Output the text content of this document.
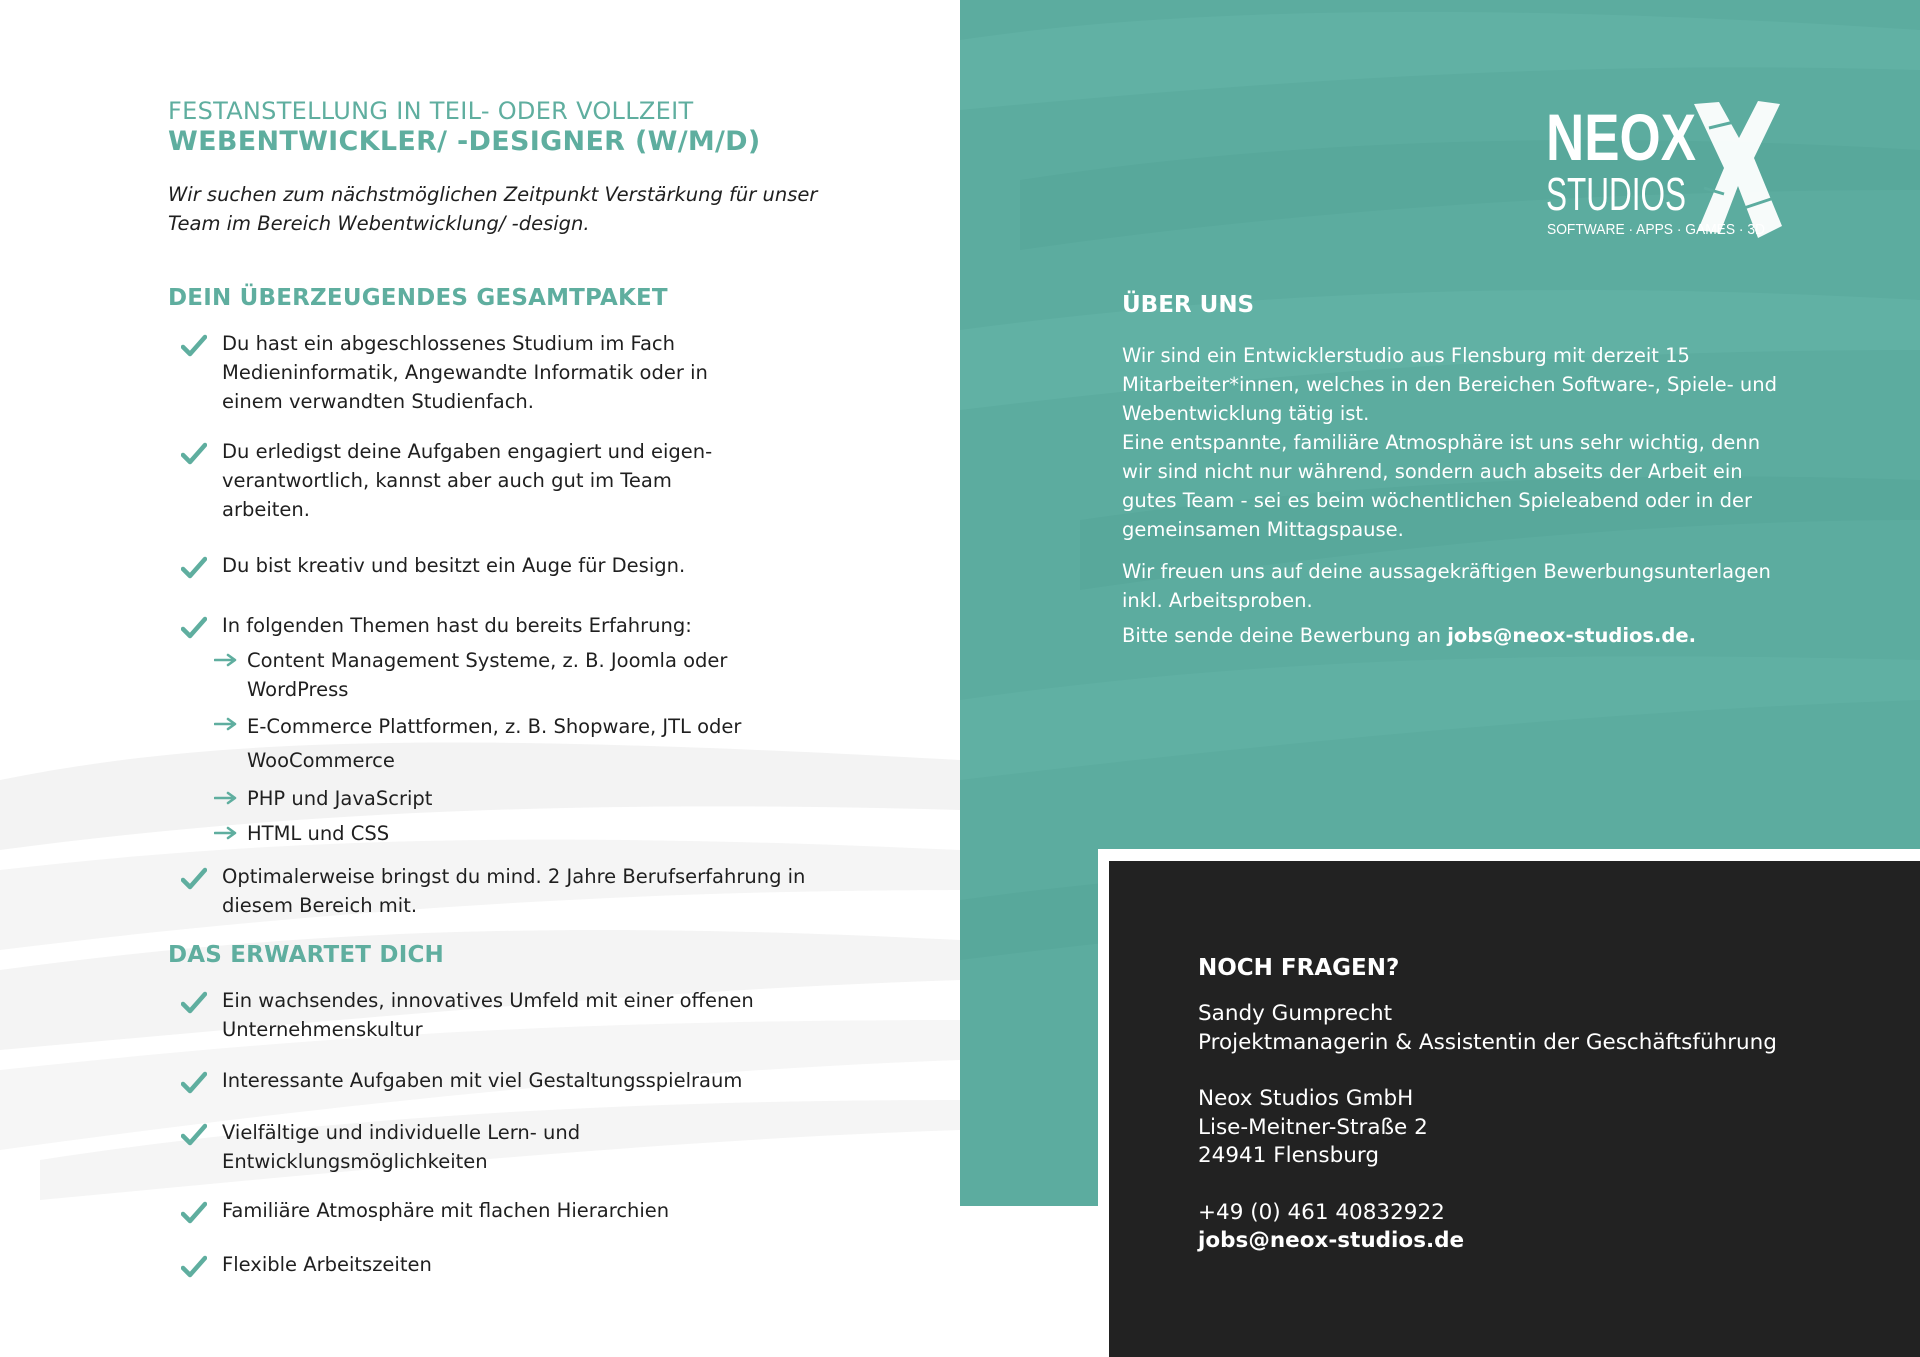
FESTANSTELLUNG IN TEIL- ODER VOLLZEIT
WEBENTWICKLER/ -DESIGNER (W/M/D)
Wir suchen zum nächstmöglichen Zeitpunkt Verstärkung für unser Team im Bereich Webentwicklung/ -design.
DEIN ÜBERZEUGENDES GESAMTPAKET
Du hast ein abgeschlossenes Studium im Fach Medieninformatik, Angewandte Informatik oder in einem verwandten Studienfach.
Du erledigst deine Aufgaben engagiert und eigen-verantwortlich, kannst aber auch gut im Team arbeiten.
Du bist kreativ und besitzt ein Auge für Design.
In folgenden Themen hast du bereits Erfahrung:
Content Management Systeme, z. B. Joomla oder WordPress
E-Commerce Plattformen, z. B. Shopware, JTL oder WooCommerce
PHP und JavaScript
HTML und CSS
Optimalerweise bringst du mind. 2 Jahre Berufserfahrung in diesem Bereich mit.
DAS ERWARTET DICH
Ein wachsendes, innovatives Umfeld mit einer offenen Unternehmenskultur
Interessante Aufgaben mit viel Gestaltungsspielraum
Vielfältige und individuelle Lern- und Entwicklungsmöglichkeiten
Familiäre Atmosphäre mit flachen Hierarchien
Flexible Arbeitszeiten
NEOX
STUDIOS
SOFTWARE · APPS · GAMES · 3D
ÜBER UNS
Wir sind ein Entwicklerstudio aus Flensburg mit derzeit 15 Mitarbeiter*innen, welches in den Bereichen Software-, Spiele- und Webentwicklung tätig ist.
Eine entspannte, familiäre Atmosphäre ist uns sehr wichtig, denn wir sind nicht nur während, sondern auch abseits der Arbeit ein gutes Team - sei es beim wöchentlichen Spieleabend oder in der gemeinsamen Mittagspause.
Wir freuen uns auf deine aussagekräftigen Bewerbungsunterlagen inkl. Arbeitsproben.
Bitte sende deine Bewerbung an jobs@neox-studios.de.
NOCH FRAGEN?
Sandy Gumprecht
Projektmanagerin & Assistentin der Geschäftsführung
Neox Studios GmbH
Lise-Meitner-Straße 2
24941 Flensburg
+49 (0) 461 40832922
jobs@neox-studios.de
